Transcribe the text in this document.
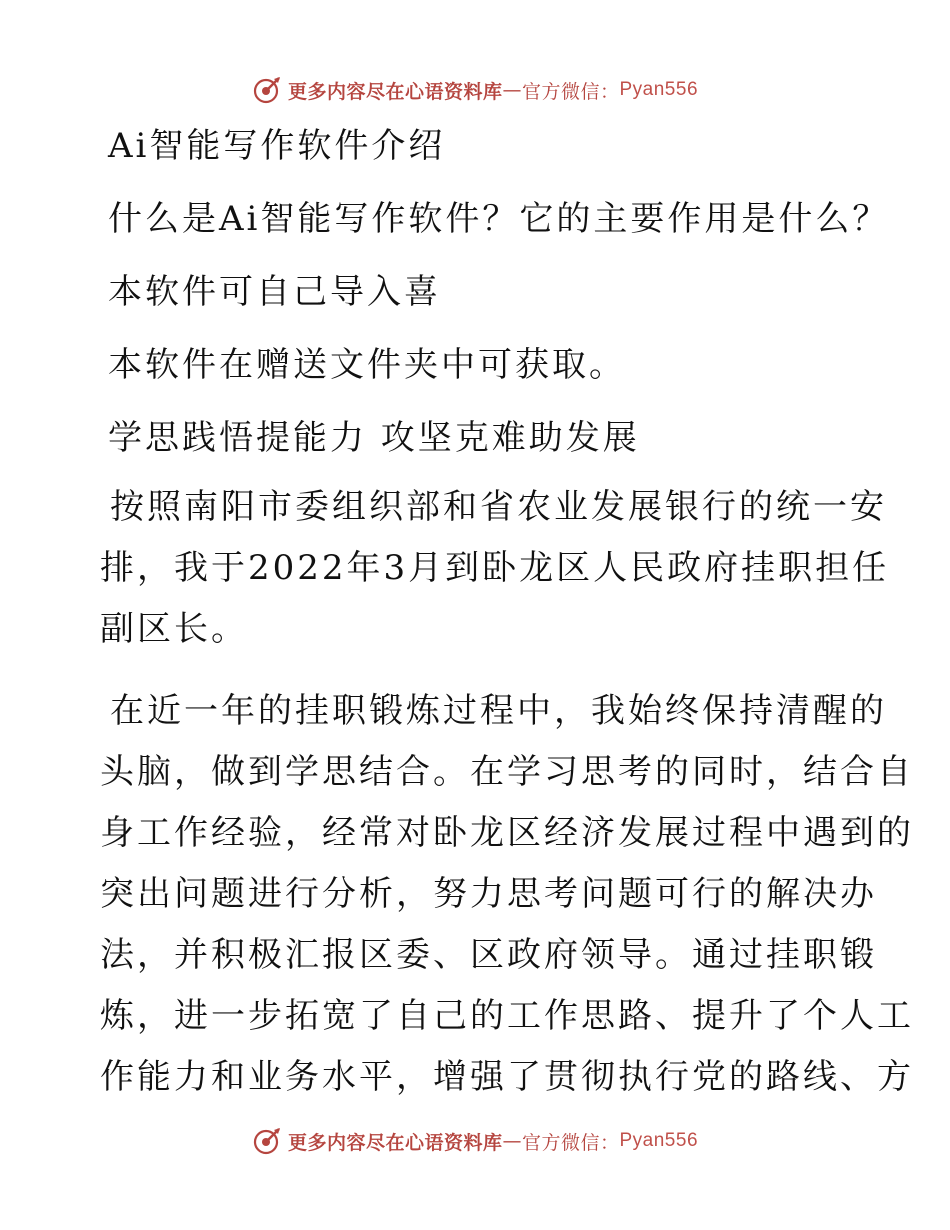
更多内容尽在心语资料库 — 官方微信： Pyan556

Ai智能写作软件介绍

什么是Ai智能写作软件？它的主要作用是什么？

本软件可自己导入喜

本软件在赠送文件夹中可获取。

学思践悟提能力 攻坚克难助发展

按照南阳市委组织部和省农业发展银行的统一安
排，我于2022年3月到卧龙区人民政府挂职担任
副区长。
在近一年的挂职锻炼过程中，我始终保持清醒的
头脑，做到学思结合。在学习思考的同时，结合自
身工作经验，经常对卧龙区经济发展过程中遇到的
突出问题进行分析，努力思考问题可行的解决办
法，并积极汇报区委、区政府领导。通过挂职锻
炼，进一步拓宽了自己的工作思路、提升了个人工
作能力和业务水平，增强了贯彻执行党的路线、方
更多内容尽在心语资料库 — 官方微信： Pyan556
